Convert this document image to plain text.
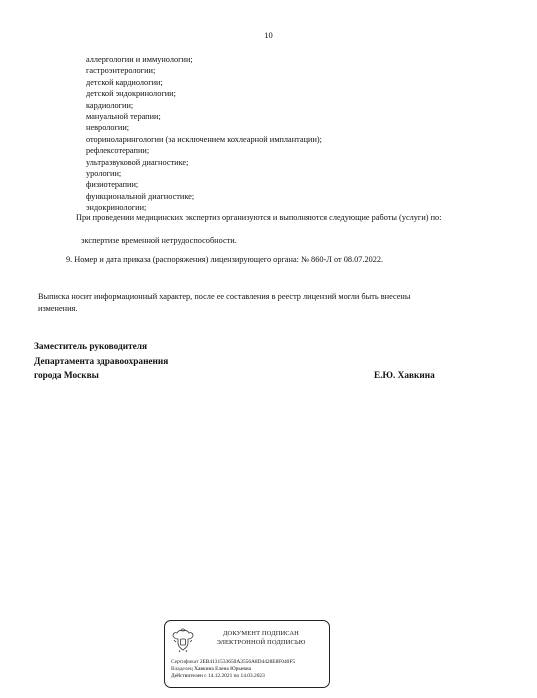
10
аллергологии и иммунологии;
гастроэнтерологии;
детской кардиологии;
детской эндокринологии;
кардиологии;
мануальной терапии;
неврологии;
оториноларингологии (за исключением кохлеарной имплантации);
рефлексотерапии;
ультразвуковой диагностике;
урологии;
физиотерапии;
функциональной диагностике;
эндокринологии;
При проведении медицинских экспертиз организуются и выполняются следующие работы (услуги) по:
экспертизе временной нетрудоспособности.
9. Номер и дата приказа (распоряжения) лицензирующего органа: № 860-Л от 08.07.2022.
Выписка носит информационный характер, после ее составления в реестр лицензий могли быть внесены изменения.
Заместитель руководителя
Департамента здравоохранения
города Москвы	Е.Ю. Хавкина
ДОКУМЕНТ ПОДПИСАН
ЭЛЕКТРОННОЙ ПОДПИСЬЮ
Сертификат 2EB4131533650A3556A8D4428E8F040F5
Владелец Хавкина Елена Юрьевна
Действителен с 14.12.2021 по 14.03.2023
